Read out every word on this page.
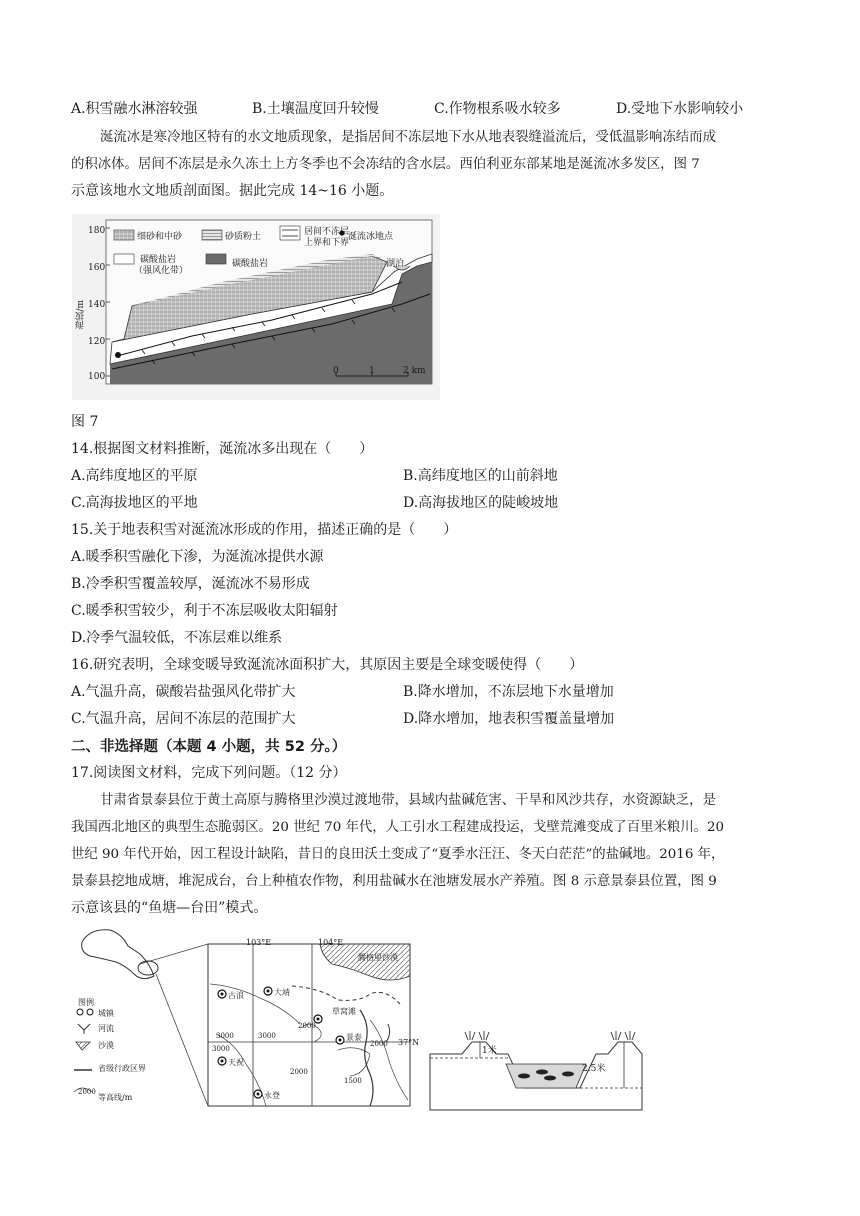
A.积雪融水淋溶较强	B.土壤温度回升较慢	C.作物根系吸水较多	D.受地下水影响较小
涎流冰是寒冷地区特有的水文地质现象，是指居间不冻层地下水从地表裂缝溢流后，受低温影响冻结而成
的积冰体。居间不冻层是永久冻土上方冬季也不会冻结的含水层。西伯利亚东部某地是涎流冰多发区，图 7
示意该地水文地质剖面图。据此完成 14~16 小题。
180
160
140
120
100
海拔/m
细砂和中砂	砂质粉土	居间不冻层
上界和下界
涎流冰地点
碳酸盐岩
（强风化带）
碳酸盐岩	湖泊
0	1	2 km
图 7
14.根据图文材料推断，涎流冰多出现在（　　）
A.高纬度地区的平原	B.高纬度地区的山前斜地
C.高海拔地区的平地	D.高海拔地区的陡峻坡地
15.关于地表积雪对涎流冰形成的作用，描述正确的是（　　）
A.暖季积雪融化下渗，为涎流冰提供水源
B.冷季积雪覆盖较厚，涎流冰不易形成
C.暖季积雪较少，利于不冻层吸收太阳辐射
D.冷季气温较低，不冻层难以维系
16.研究表明，全球变暖导致涎流冰面积扩大，其原因主要是全球变暖使得（　　）
A.气温升高，碳酸岩盐强风化带扩大	B.降水增加，不冻层地下水量增加
C.气温升高，居间不冻层的范围扩大	D.降水增加，地表积雪覆盖量增加
二、非选择题（本题 4 小题，共 52 分。）
17.阅读图文材料，完成下列问题。（12 分）
甘肃省景泰县位于黄土高原与腾格里沙漠过渡地带，县域内盐碱危害、干旱和风沙共存，水资源缺乏，是
我国西北地区的典型生态脆弱区。20 世纪 70 年代，人工引水工程建成投运，戈壁荒滩变成了百里米粮川。20
世纪 90 年代开始，因工程设计缺陷，昔日的良田沃土变成了“夏季水汪汪、冬天白茫茫”的盐碱地。2016 年，
景泰县挖地成塘，堆泥成台，台上种植农作物，利用盐碱水在池塘发展水产养殖。图 8 示意景泰县位置，图 9
示意该县的“鱼塘—台田”模式。
图例
城镇
河流
沙漠
省级行政区界
2000
等高线/m
103°E	104°E
37°N
腾格里沙漠
古浪	大靖
草窝滩
景泰
天祝
永登
3000	3000
2000
2000
3000
1500
2000
1米
2.5米
